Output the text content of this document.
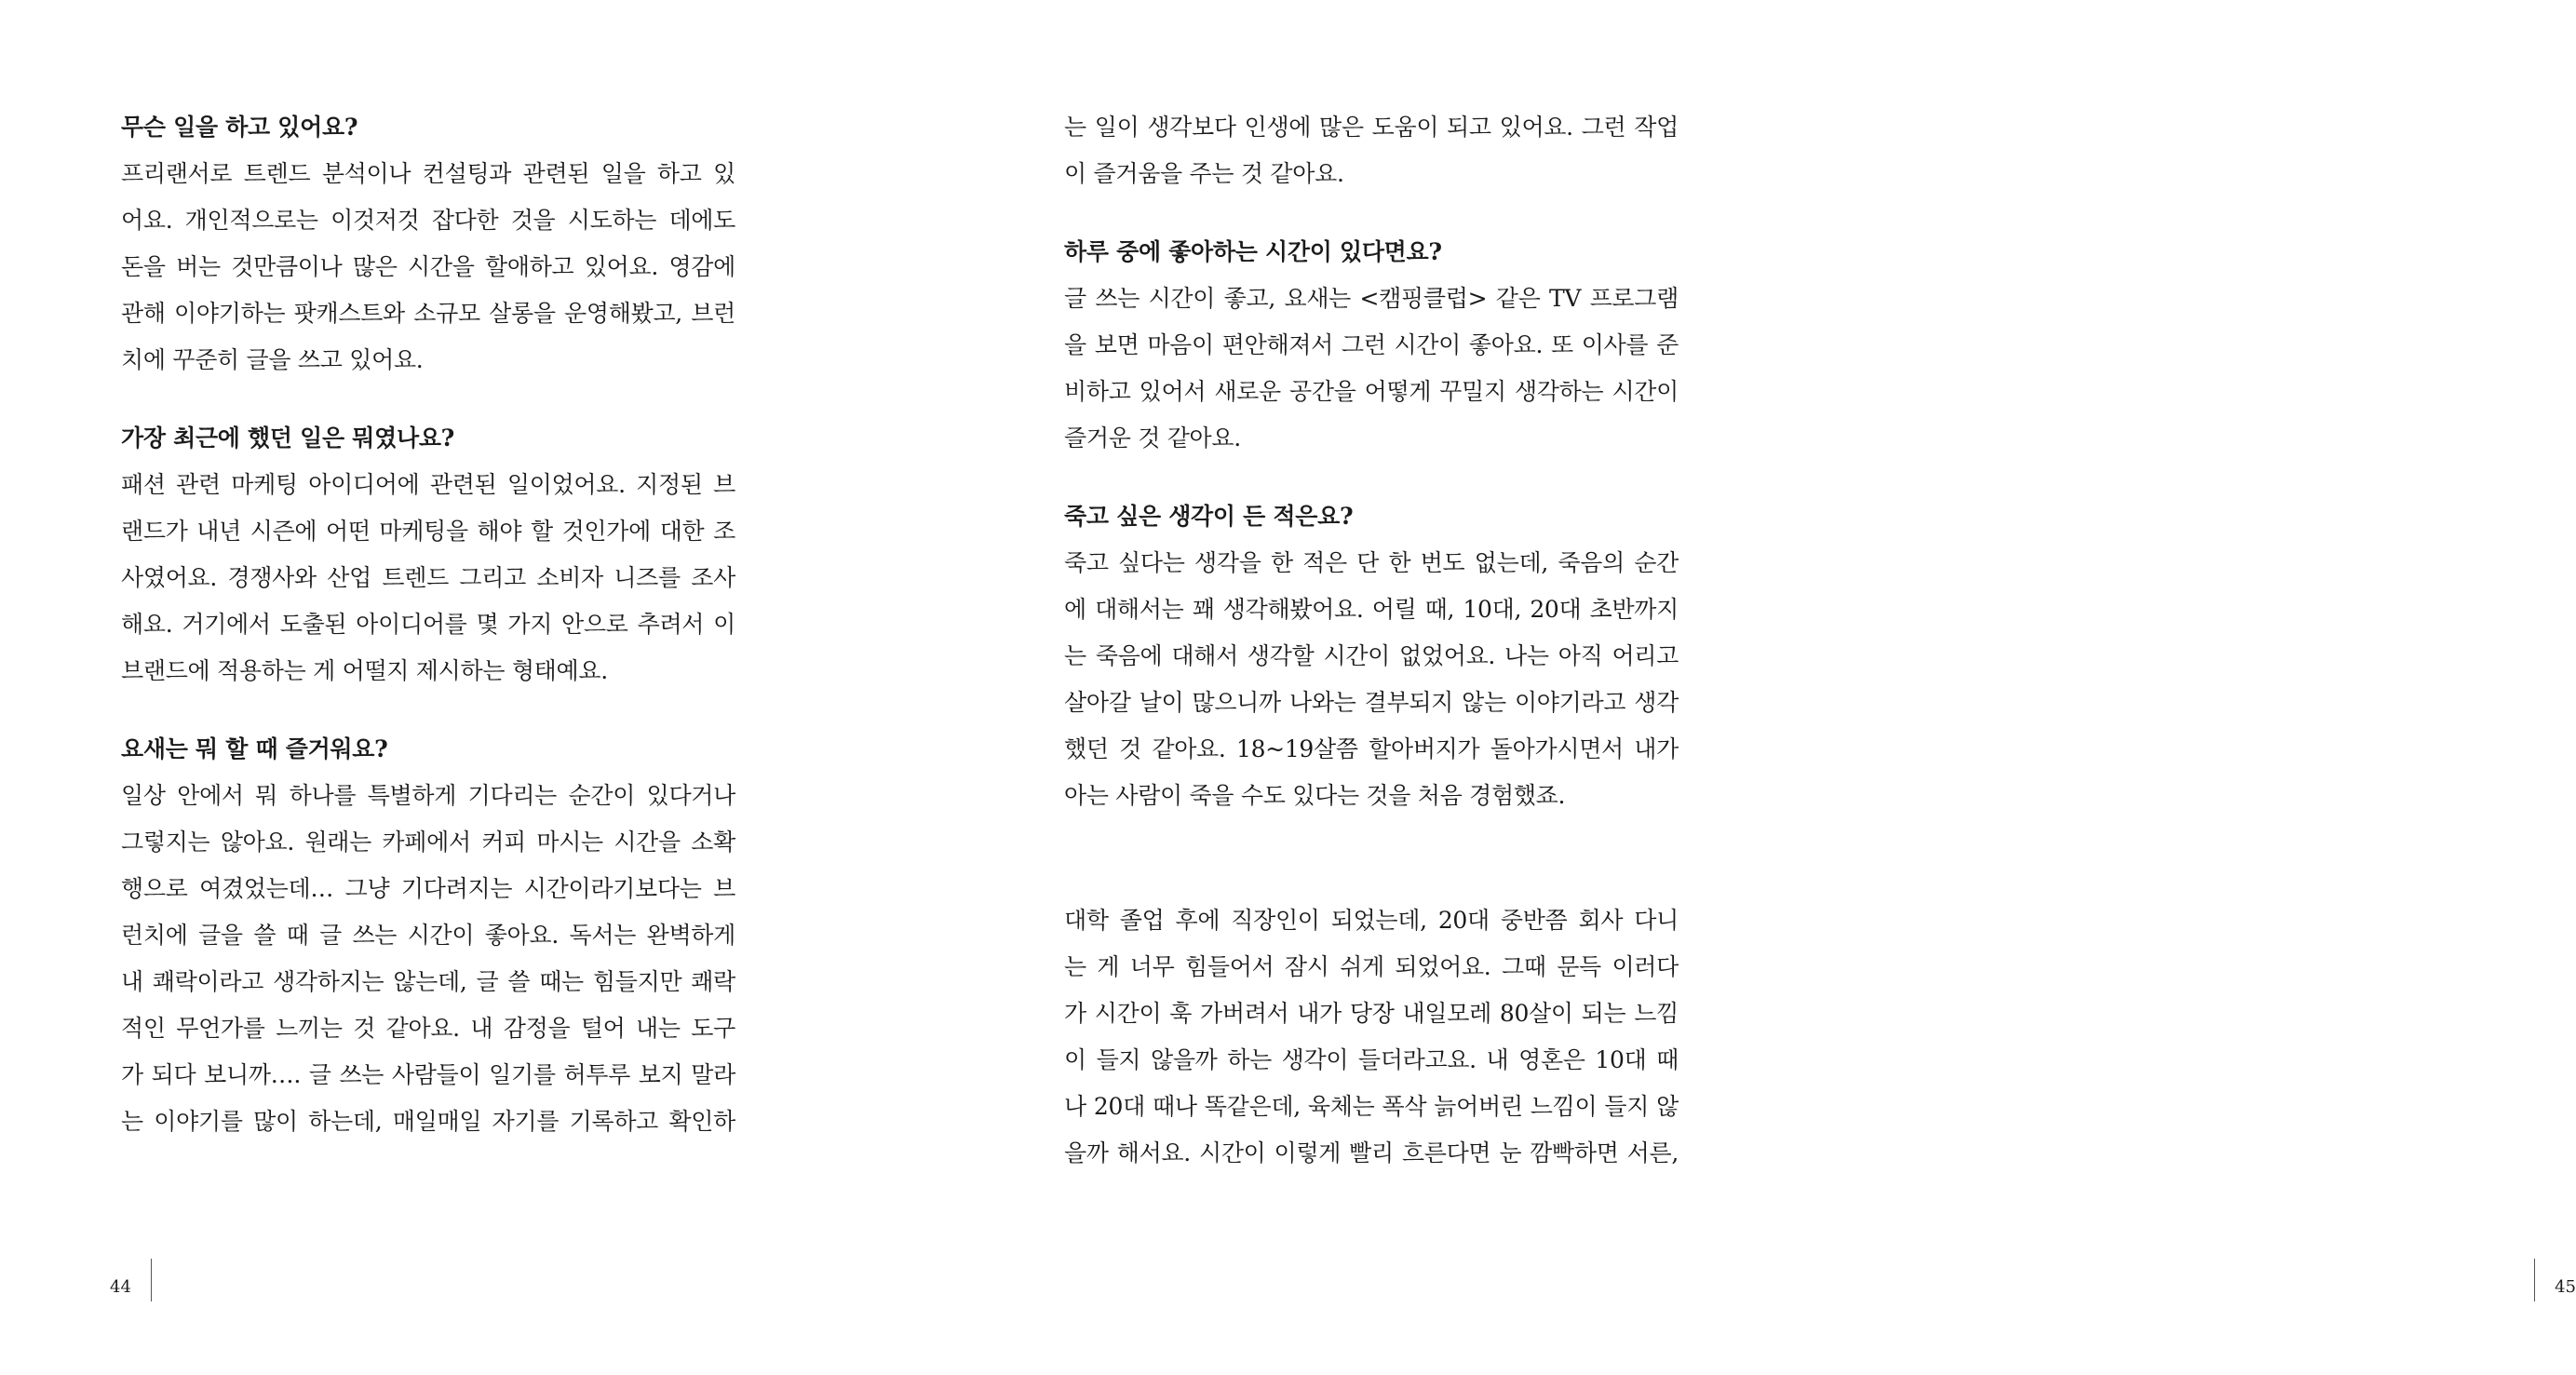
무슨 일을 하고 있어요?
프리랜서로 트렌드 분석이나 컨설팅과 관련된 일을 하고 있
어요. 개인적으로는 이것저것 잡다한 것을 시도하는 데에도
돈을 버는 것만큼이나 많은 시간을 할애하고 있어요. 영감에
관해 이야기하는 팟캐스트와 소규모 살롱을 운영해봤고, 브런
치에 꾸준히 글을 쓰고 있어요.
가장 최근에 했던 일은 뭐였나요?
패션 관련 마케팅 아이디어에 관련된 일이었어요. 지정된 브
랜드가 내년 시즌에 어떤 마케팅을 해야 할 것인가에 대한 조
사였어요. 경쟁사와 산업 트렌드 그리고 소비자 니즈를 조사
해요. 거기에서 도출된 아이디어를 몇 가지 안으로 추려서 이
브랜드에 적용하는 게 어떨지 제시하는 형태예요.
요새는 뭐 할 때 즐거워요?
일상 안에서 뭐 하나를 특별하게 기다리는 순간이 있다거나
그렇지는 않아요. 원래는 카페에서 커피 마시는 시간을 소확
행으로 여겼었는데… 그냥 기다려지는 시간이라기보다는 브
런치에 글을 쓸 때 글 쓰는 시간이 좋아요. 독서는 완벽하게
내 쾌락이라고 생각하지는 않는데, 글 쓸 때는 힘들지만 쾌락
적인 무언가를 느끼는 것 같아요. 내 감정을 털어 내는 도구
가 되다 보니까…. 글 쓰는 사람들이 일기를 허투루 보지 말라
는 이야기를 많이 하는데, 매일매일 자기를 기록하고 확인하
44
는 일이 생각보다 인생에 많은 도움이 되고 있어요. 그런 작업
이 즐거움을 주는 것 같아요.
하루 중에 좋아하는 시간이 있다면요?
글 쓰는 시간이 좋고, 요새는 <캠핑클럽> 같은 TV 프로그램
을 보면 마음이 편안해져서 그런 시간이 좋아요. 또 이사를 준
비하고 있어서 새로운 공간을 어떻게 꾸밀지 생각하는 시간이
즐거운 것 같아요.
죽고 싶은 생각이 든 적은요?
죽고 싶다는 생각을 한 적은 단 한 번도 없는데, 죽음의 순간
에 대해서는 꽤 생각해봤어요. 어릴 때, 10대, 20대 초반까지
는 죽음에 대해서 생각할 시간이 없었어요. 나는 아직 어리고
살아갈 날이 많으니까 나와는 결부되지 않는 이야기라고 생각
했던 것 같아요. 18~19살쯤 할아버지가 돌아가시면서 내가
아는 사람이 죽을 수도 있다는 것을 처음 경험했죠.
대학 졸업 후에 직장인이 되었는데, 20대 중반쯤 회사 다니
는 게 너무 힘들어서 잠시 쉬게 되었어요. 그때 문득 이러다
가 시간이 훅 가버려서 내가 당장 내일모레 80살이 되는 느낌
이 들지 않을까 하는 생각이 들더라고요. 내 영혼은 10대 때
나 20대 때나 똑같은데, 육체는 폭삭 늙어버린 느낌이 들지 않
을까 해서요. 시간이 이렇게 빨리 흐른다면 눈 깜빡하면 서른,
45
